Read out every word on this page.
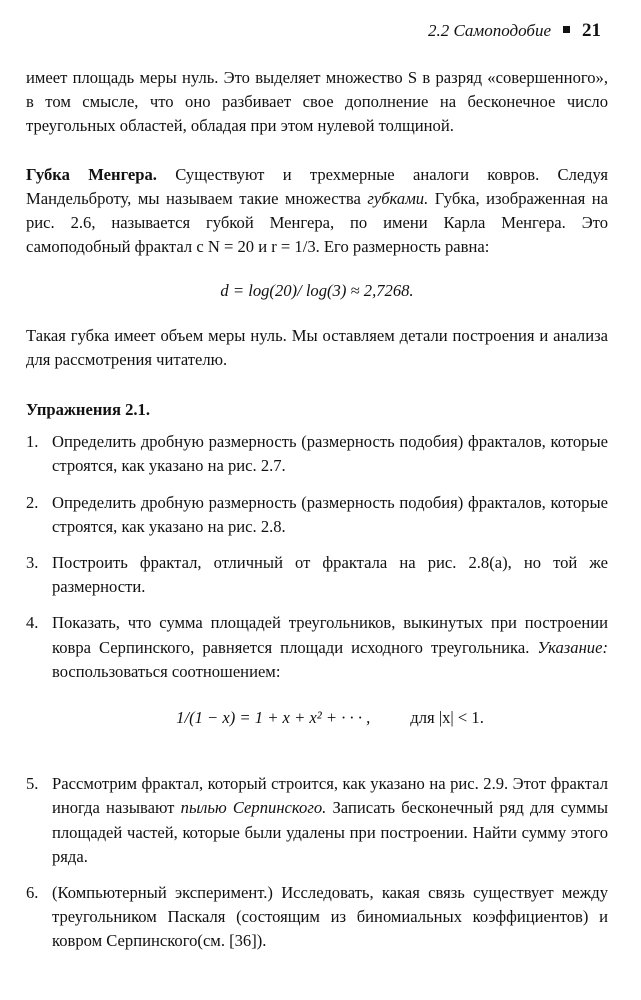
2.2 Самоподобие 21

имеет площадь меры нуль. Это выделяет множество S в разряд «совершенного», в том смысле, что оно разбивает свое дополнение на бесконечное число треугольных областей, обладая при этом нулевой толщиной.

Губка Менгера. Существуют и трехмерные аналоги ковров. Следуя Мандельброту, мы называем такие множества губками. Губка, изображенная на рис. 2.6, называется губкой Менгера, по имени Карла Менгера. Это самоподобный фрактал с N = 20 и r = 1/3. Его размерность равна:

d = log(20)/ log(3) ≈ 2,7268.

Такая губка имеет объем меры нуль. Мы оставляем детали построения и анализа для рассмотрения читателю.

Упражнения 2.1.
1. Определить дробную размерность (размерность подобия) фракталов, которые строятся, как указано на рис. 2.7.
2. Определить дробную размерность (размерность подобия) фракталов, которые строятся, как указано на рис. 2.8.
3. Построить фрактал, отличный от фрактала на рис. 2.8(a), но той же размерности.
4. Показать, что сумма площадей треугольников, выкинутых при построении ковра Серпинского, равняется площади исходного треугольника. Указание: воспользоваться соотношением:
1/(1 − x) = 1 + x + x² + · · · , для |x| < 1.
5. Рассмотрим фрактал, который строится, как указано на рис. 2.9. Этот фрактал иногда называют пылью Серпинского. Записать бесконечный ряд для суммы площадей частей, которые были удалены при построении. Найти сумму этого ряда.
6. (Компьютерный эксперимент.) Исследовать, какая связь существует между треугольником Паскаля (состоящим из биномиальных коэффициентов) и ковром Серпинского(см. [36]).
